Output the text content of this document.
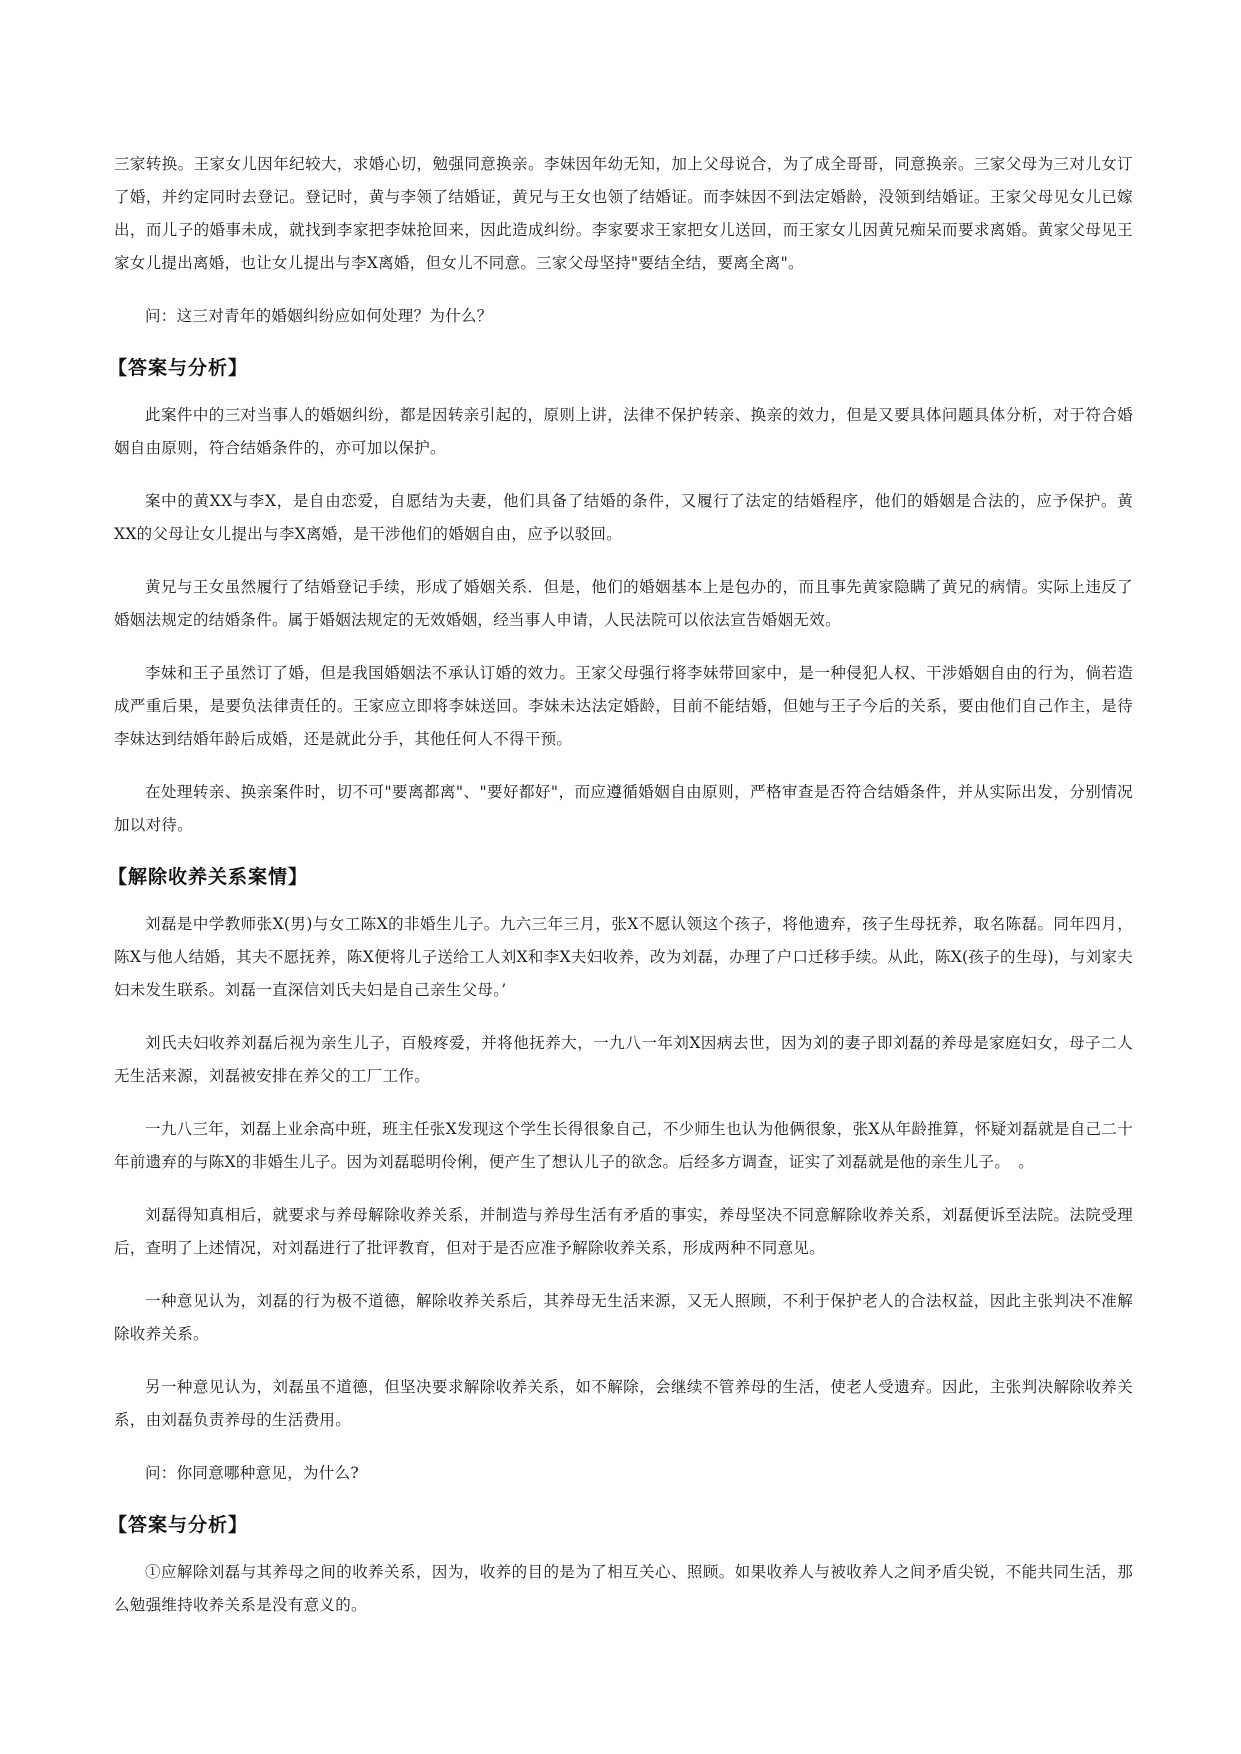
三家转换。王家女儿因年纪较大，求婚心切，勉强同意换亲。李妹因年幼无知，加上父母说合，为了成全哥哥，同意换亲。三家父母为三对儿女订了婚，并约定同时去登记。登记时，黄与李领了结婚证，黄兄与王女也领了结婚证。而李妹因不到法定婚龄，没领到结婚证。王家父母见女儿已嫁出，而儿子的婚事未成，就找到李家把李妹抢回来，因此造成纠纷。李家要求王家把女儿送回，而王家女儿因黄兄痴呆而要求离婚。黄家父母见王家女儿提出离婚，也让女儿提出与李X离婚，但女儿不同意。三家父母坚持"要结全结，要离全离"。

问：这三对青年的婚姻纠纷应如何处理？为什么？

【答案与分析】

此案件中的三对当事人的婚姻纠纷，都是因转亲引起的，原则上讲，法律不保护转亲、换亲的效力，但是又要具体问题具体分析，对于符合婚姻自由原则，符合结婚条件的，亦可加以保护。

案中的黄XX与李X，是自由恋爱，自愿结为夫妻，他们具备了结婚的条件，又履行了法定的结婚程序，他们的婚姻是合法的，应予保护。黄XX的父母让女儿提出与李X离婚，是干涉他们的婚姻自由，应予以驳回。

黄兄与王女虽然履行了结婚登记手续，形成了婚姻关系．但是，他们的婚姻基本上是包办的，而且事先黄家隐瞒了黄兄的病情。实际上违反了婚姻法规定的结婚条件。属于婚姻法规定的无效婚姻，经当事人申请，人民法院可以依法宣告婚姻无效。

李妹和王子虽然订了婚，但是我国婚姻法不承认订婚的效力。王家父母强行将李妹带回家中，是一种侵犯人权、干涉婚姻自由的行为，倘若造成严重后果，是要负法律责任的。王家应立即将李妹送回。李妹未达法定婚龄，目前不能结婚，但她与王子今后的关系，要由他们自己作主，是待李妹达到结婚年龄后成婚，还是就此分手，其他任何人不得干预。

在处理转亲、换亲案件时，切不可"要离都离"、"要好都好"，而应遵循婚姻自由原则，严格审查是否符合结婚条件，并从实际出发，分别情况加以对待。

【解除收养关系案情】

刘磊是中学教师张X(男)与女工陈X的非婚生儿子。九六三年三月，张X不愿认领这个孩子，将他遗弃，孩子生母抚养，取名陈磊。同年四月，陈X与他人结婚，其夫不愿抚养，陈X便将儿子送给工人刘X和李X夫妇收养，改为刘磊，办理了户口迁移手续。从此，陈X(孩子的生母)，与刘家夫妇未发生联系。刘磊一直深信刘氏夫妇是自己亲生父母。’

刘氏夫妇收养刘磊后视为亲生儿子，百般疼爱，并将他抚养大，一九八一年刘X因病去世，因为刘的妻子即刘磊的养母是家庭妇女，母子二人无生活来源，刘磊被安排在养父的工厂工作。

一九八三年，刘磊上业余高中班，班主任张X发现这个学生长得很象自己，不少师生也认为他俩很象，张X从年龄推算，怀疑刘磊就是自己二十年前遗弃的与陈X的非婚生儿子。因为刘磊聪明伶俐，便产生了想认儿子的欲念。后经多方调查，证实了刘磊就是他的亲生儿子。　。

刘磊得知真相后，就要求与养母解除收养关系，并制造与养母生活有矛盾的事实，养母坚决不同意解除收养关系，刘磊便诉至法院。法院受理后，查明了上述情况，对刘磊进行了批评教育，但对于是否应准予解除收养关系，形成两种不同意见。

一种意见认为，刘磊的行为极不道德，解除收养关系后，其养母无生活来源，又无人照顾，不利于保护老人的合法权益，因此主张判决不准解除收养关系。

另一种意见认为，刘磊虽不道德，但坚决要求解除收养关系，如不解除，会继续不管养母的生活，使老人受遗弃。因此，主张判决解除收养关系，由刘磊负责养母的生活费用。

问：你同意哪种意见，为什么?

【答案与分析】

①应解除刘磊与其养母之间的收养关系，因为，收养的目的是为了相互关心、照顾。如果收养人与被收养人之间矛盾尖锐，不能共同生活，那么勉强维持收养关系是没有意义的。
